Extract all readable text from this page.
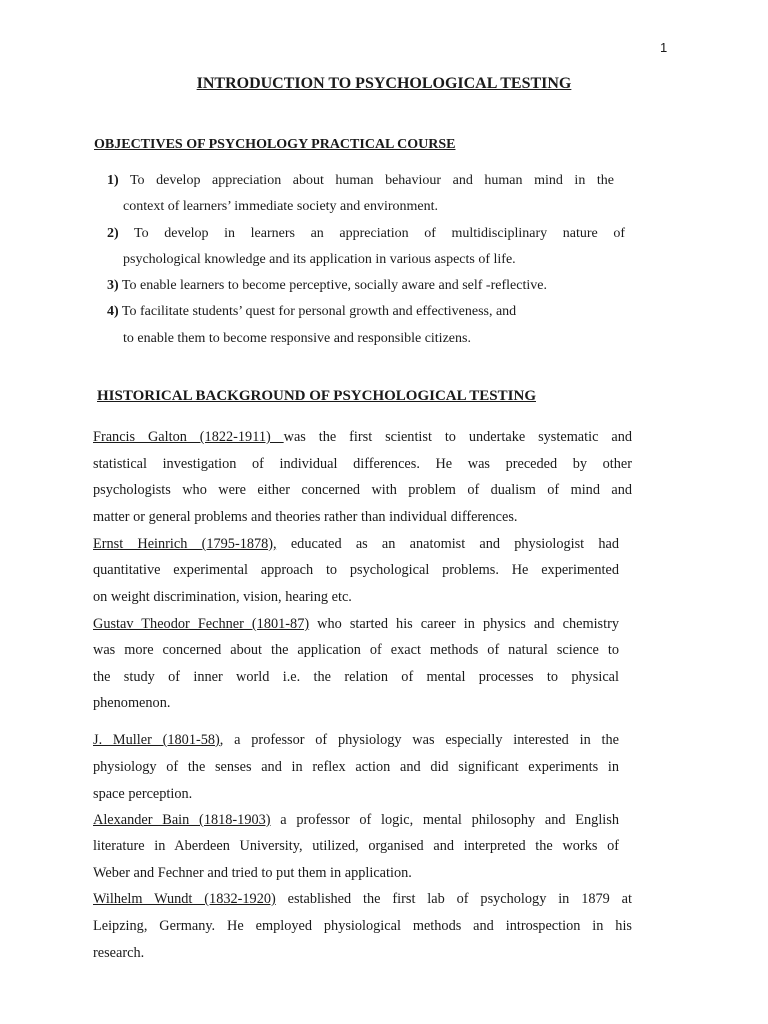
1
INTRODUCTION TO PSYCHOLOGICAL TESTING
OBJECTIVES OF PSYCHOLOGY PRACTICAL COURSE
1) To develop appreciation about human behaviour and human mind in the
context of learners’ immediate society and environment.
2) To develop in learners an appreciation of multidisciplinary nature of
psychological knowledge and its application in various aspects of life.
3) To enable learners to become perceptive, socially aware and self -reflective.
4) To facilitate students’ quest for personal growth and effectiveness, and
to enable them to become responsive and responsible citizens.
HISTORICAL BACKGROUND OF PSYCHOLOGICAL TESTING
Francis Galton (1822-1911) was the first scientist to undertake systematic and
statistical investigation of individual differences. He was preceded by other
psychologists who were either concerned with problem of dualism of mind and
matter or general problems and theories rather than individual differences.
Ernst Heinrich (1795-1878), educated as an anatomist and physiologist had
quantitative experimental approach to psychological problems. He experimented
on weight discrimination, vision, hearing etc.
Gustav Theodor Fechner (1801-87) who started his career in physics and chemistry
was more concerned about the application of exact methods of natural science to
the study of inner world i.e. the relation of mental processes to physical
phenomenon.
J. Muller (1801-58), a professor of physiology was especially interested in the
physiology of the senses and in reflex action and did significant experiments in
space perception.
Alexander Bain (1818-1903) a professor of logic, mental philosophy and English
literature in Aberdeen University, utilized, organised and interpreted the works of
Weber and Fechner and tried to put them in application.
Wilhelm Wundt (1832-1920) established the first lab of psychology in 1879 at
Leipzing, Germany. He employed physiological methods and introspection in his
research.
